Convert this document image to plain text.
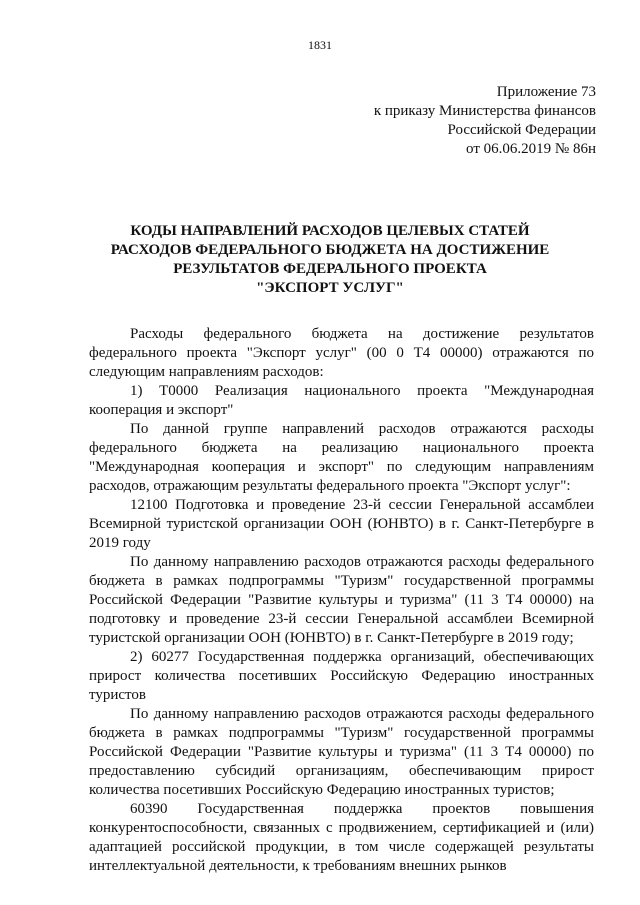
1831
Приложение 73
к приказу Министерства финансов
Российской Федерации
от 06.06.2019 № 86н
КОДЫ НАПРАВЛЕНИЙ РАСХОДОВ ЦЕЛЕВЫХ СТАТЕЙ
РАСХОДОВ ФЕДЕРАЛЬНОГО БЮДЖЕТА НА ДОСТИЖЕНИЕ
РЕЗУЛЬТАТОВ ФЕДЕРАЛЬНОГО ПРОЕКТА
"ЭКСПОРТ УСЛУГ"

Расходы федерального бюджета на достижение результатов федерального проекта "Экспорт услуг" (00 0 Т4 00000) отражаются по следующим направлениям расходов:

1) Т0000 Реализация национального проекта "Международная кооперация и экспорт"

По данной группе направлений расходов отражаются расходы федерального бюджета на реализацию национального проекта "Международная кооперация и экспорт" по следующим направлениям расходов, отражающим результаты федерального проекта "Экспорт услуг":

12100 Подготовка и проведение 23-й сессии Генеральной ассамблеи Всемирной туристской организации ООН (ЮНВТО) в г. Санкт-Петербурге в 2019 году

По данному направлению расходов отражаются расходы федерального бюджета в рамках подпрограммы "Туризм" государственной программы Российской Федерации "Развитие культуры и туризма" (11 3 Т4 00000) на подготовку и проведение 23-й сессии Генеральной ассамблеи Всемирной туристской организации ООН (ЮНВТО) в г. Санкт-Петербурге в 2019 году;

2) 60277 Государственная поддержка организаций, обеспечивающих прирост количества посетивших Российскую Федерацию иностранных туристов

По данному направлению расходов отражаются расходы федерального бюджета в рамках подпрограммы "Туризм" государственной программы Российской Федерации "Развитие культуры и туризма" (11 3 Т4 00000) по предоставлению субсидий организациям, обеспечивающим прирост количества посетивших Российскую Федерацию иностранных туристов;

60390 Государственная поддержка проектов повышения конкурентоспособности, связанных с продвижением, сертификацией и (или) адаптацией российской продукции, в том числе содержащей результаты интеллектуальной деятельности, к требованиям внешних рынков
